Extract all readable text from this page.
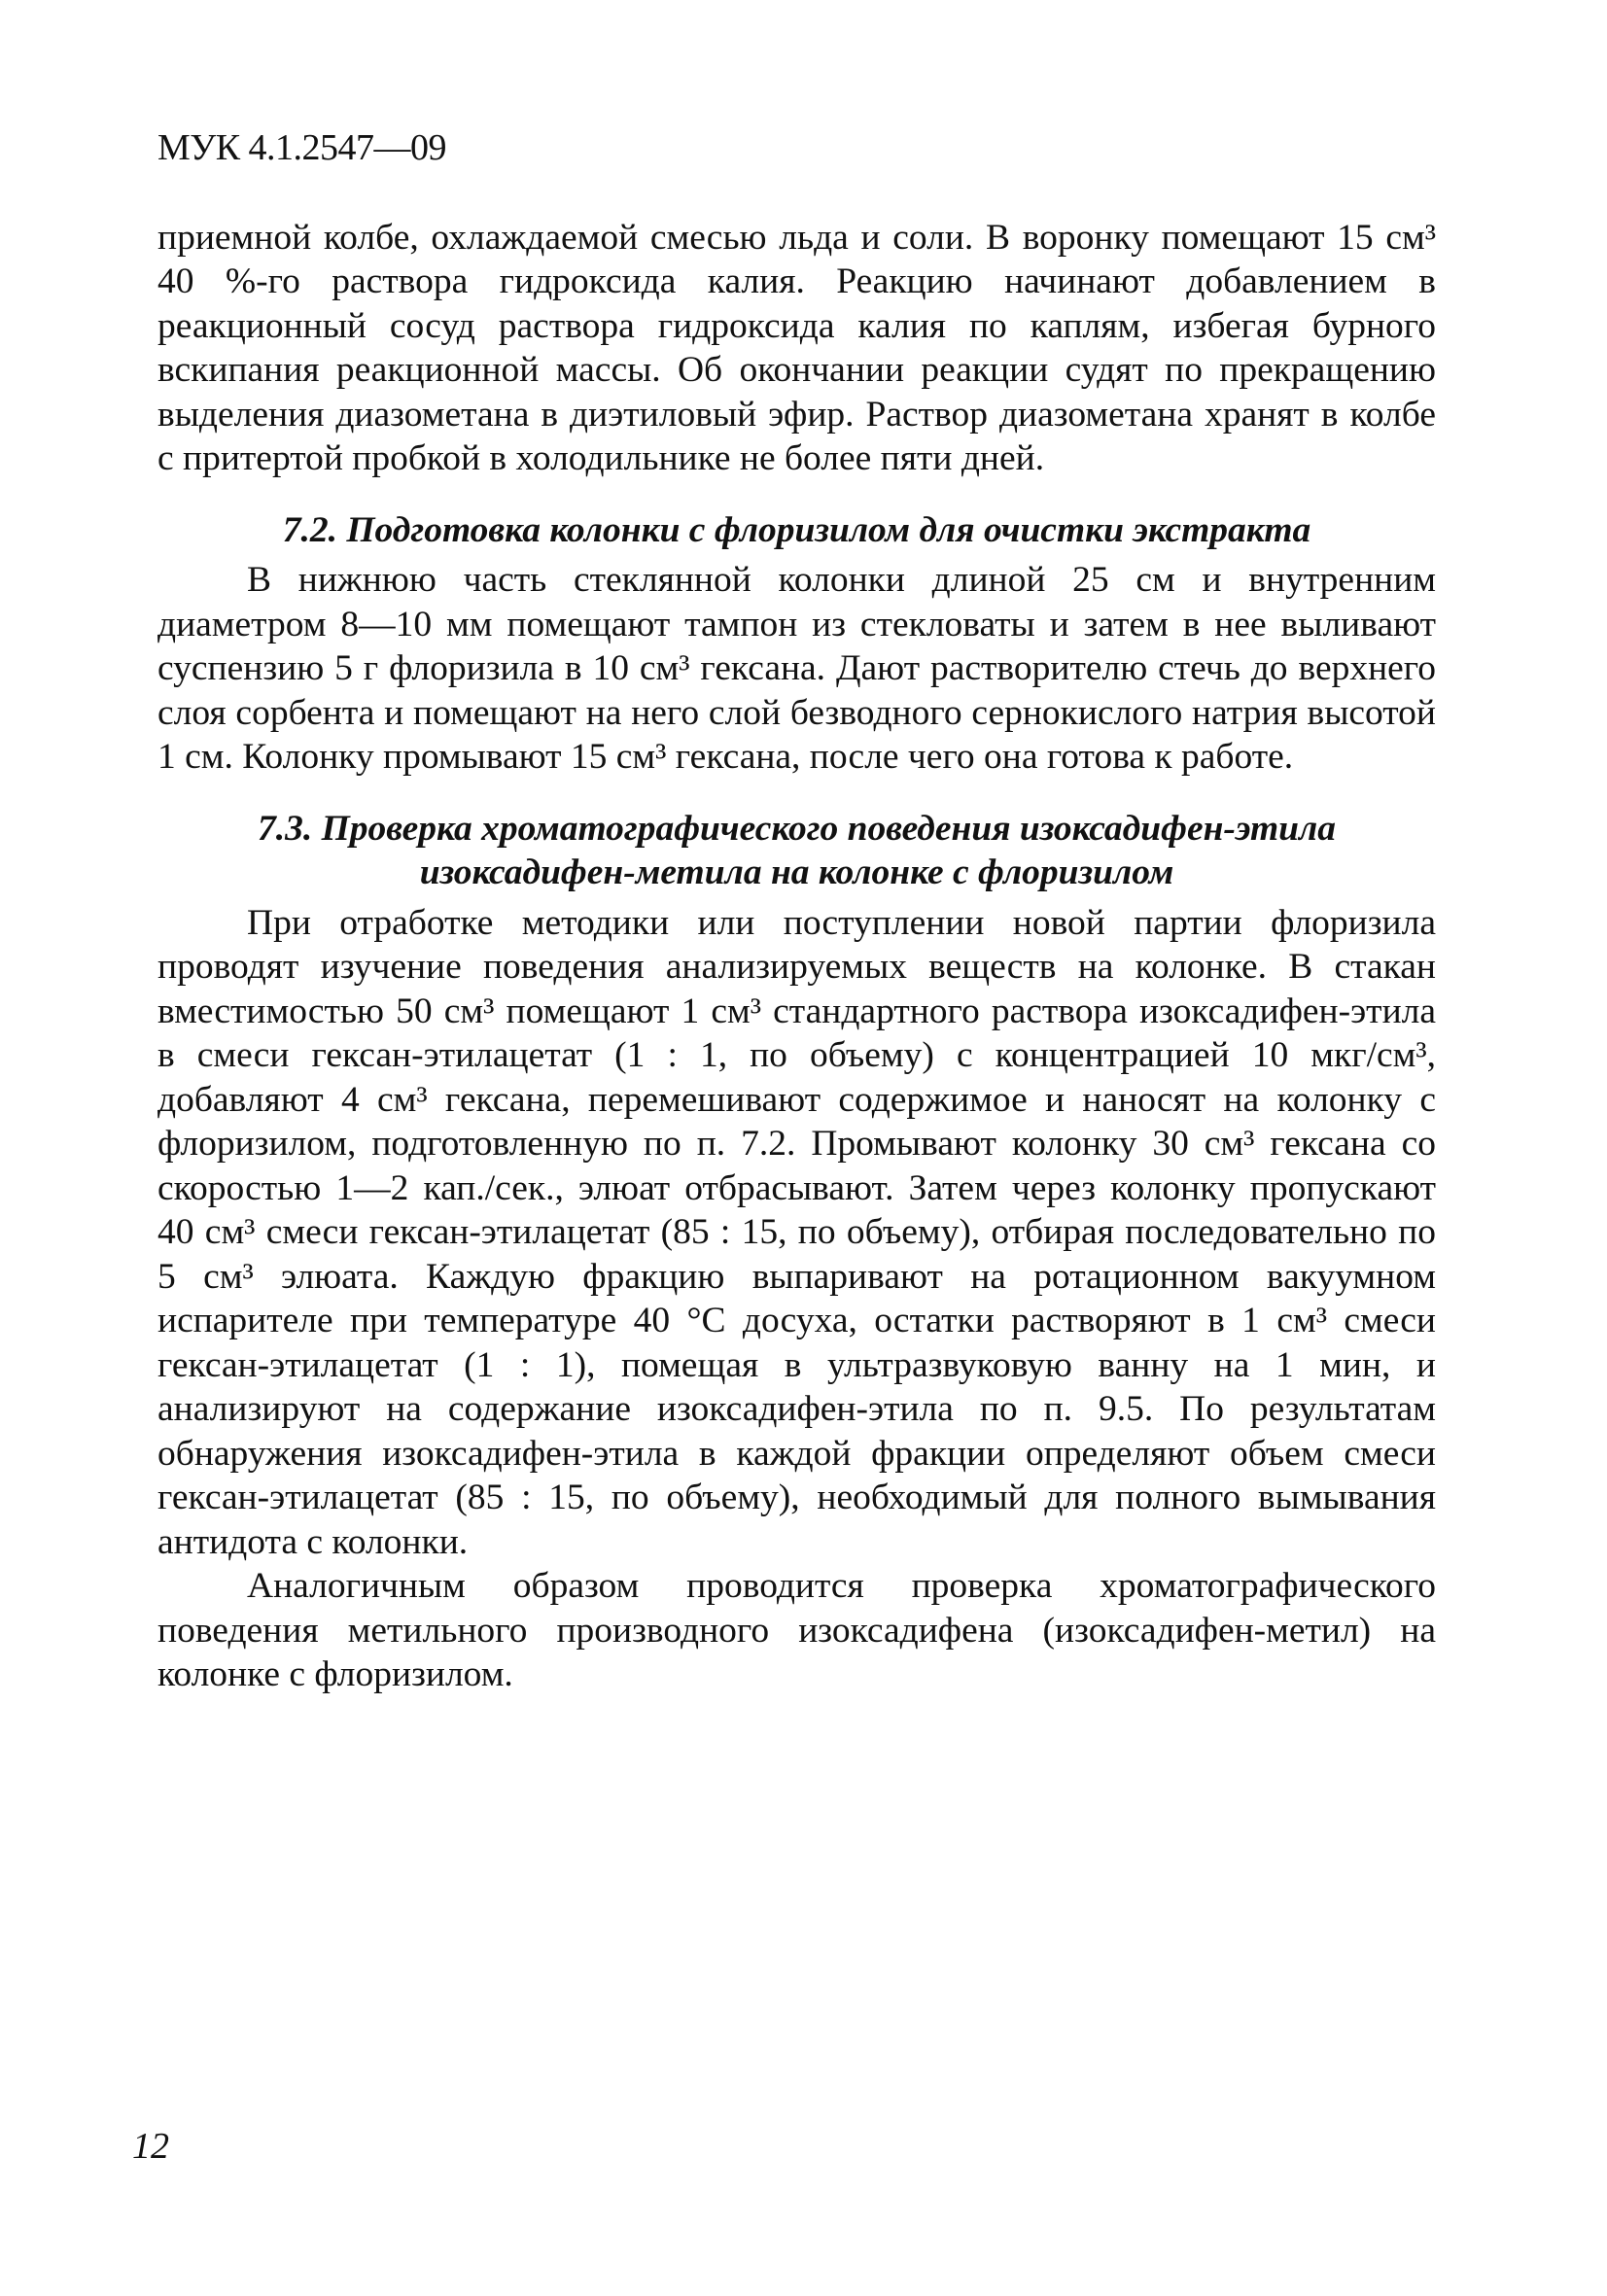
МУК 4.1.2547—09

приемной колбе, охлаждаемой смесью льда и соли. В воронку помещают 15 см³ 40 %-го раствора гидроксида калия. Реакцию начинают добавлением в реакционный сосуд раствора гидроксида калия по каплям, избегая бурного вскипания реакционной массы. Об окончании реакции судят по прекращению выделения диазометана в диэтиловый эфир. Раствор диазометана хранят в колбе с притертой пробкой в холодильнике не более пяти дней.

7.2. Подготовка колонки с флоризилом для очистки экстракта

В нижнюю часть стеклянной колонки длиной 25 см и внутренним диаметром 8—10 мм помещают тампон из стекловаты и затем в нее выливают суспензию 5 г флоризила в 10 см³ гексана. Дают растворителю стечь до верхнего слоя сорбента и помещают на него слой безводного сернокислого натрия высотой 1 см. Колонку промывают 15 см³ гексана, после чего она готова к работе.

7.3. Проверка хроматографического поведения изоксадифен-этила
изоксадифен-метила на колонке с флоризилом

При отработке методики или поступлении новой партии флоризила проводят изучение поведения анализируемых веществ на колонке. В стакан вместимостью 50 см³ помещают 1 см³ стандартного раствора изоксадифен-этила в смеси гексан-этилацетат (1 : 1, по объему) с концентрацией 10 мкг/см³, добавляют 4 см³ гексана, перемешивают содержимое и наносят на колонку с флоризилом, подготовленную по п. 7.2. Промывают колонку 30 см³ гексана со скоростью 1—2 кап./сек., элюат отбрасывают. Затем через колонку пропускают 40 см³ смеси гексан-этилацетат (85 : 15, по объему), отбирая последовательно по 5 см³ элюата. Каждую фракцию выпаривают на ротационном вакуумном испарителе при температуре 40 °С досуха, остатки растворяют в 1 см³ смеси гексан-этилацетат (1 : 1), помещая в ультразвуковую ванну на 1 мин, и анализируют на содержание изоксадифен-этила по п. 9.5. По результатам обнаружения изоксадифен-этила в каждой фракции определяют объем смеси гексан-этилацетат (85 : 15, по объему), необходимый для полного вымывания антидота с колонки.

Аналогичным образом проводится проверка хроматографического поведения метильного производного изоксадифена (изоксадифен-метил) на колонке с флоризилом.

12
